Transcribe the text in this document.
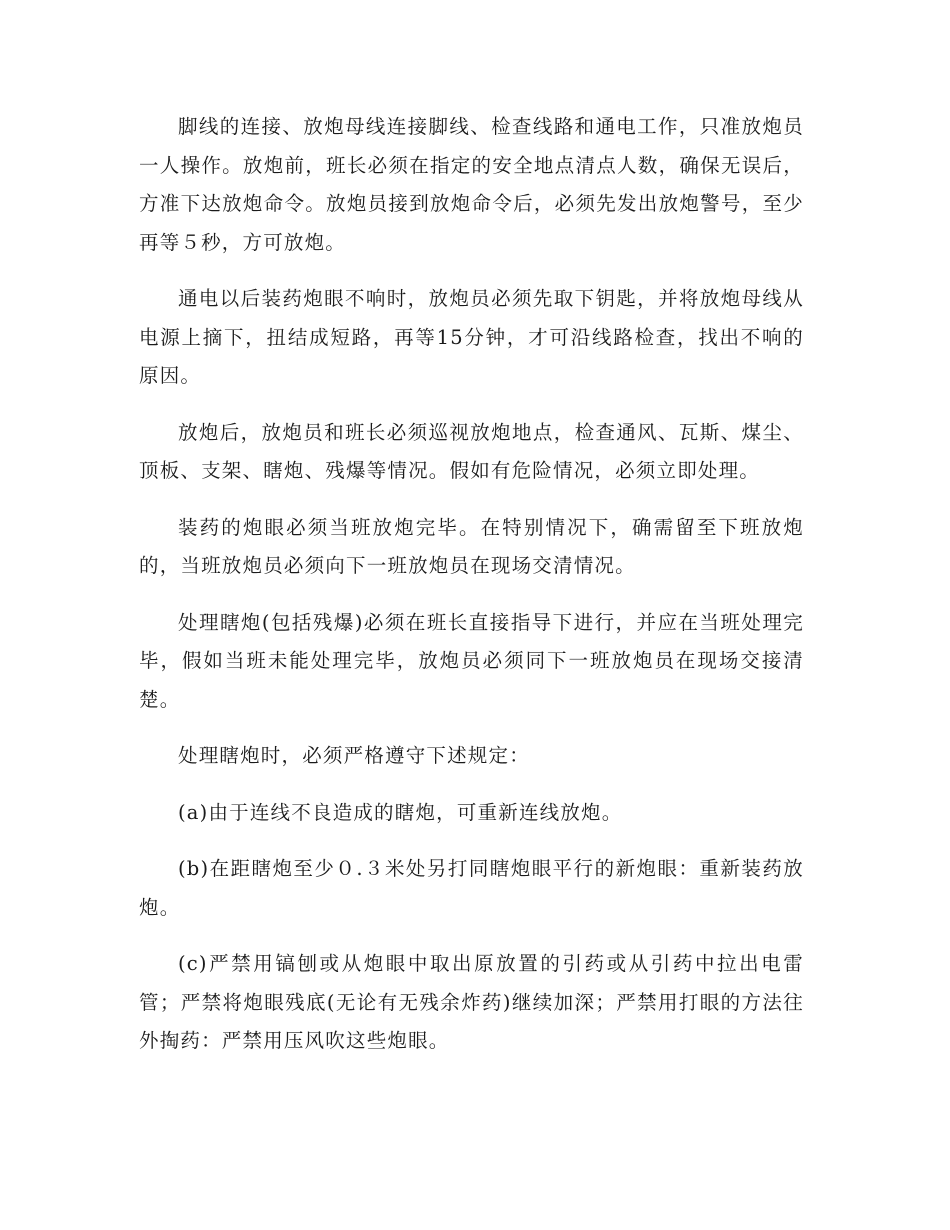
脚线的连接、放炮母线连接脚线、检查线路和通电工作，只准放炮员一人操作。放炮前，班长必须在指定的安全地点清点人数，确保无误后，方准下达放炮命令。放炮员接到放炮命令后，必须先发出放炮警号，至少再等５秒，方可放炮。

通电以后装药炮眼不响时，放炮员必须先取下钥匙，并将放炮母线从电源上摘下，扭结成短路，再等15分钟，才可沿线路检查，找出不响的原因。

放炮后，放炮员和班长必须巡视放炮地点，检查通风、瓦斯、煤尘、顶板、支架、瞎炮、残爆等情况。假如有危险情况，必须立即处理。

装药的炮眼必须当班放炮完毕。在特别情况下，确需留至下班放炮的，当班放炮员必须向下一班放炮员在现场交清情况。

处理瞎炮(包括残爆)必须在班长直接指导下进行，并应在当班处理完毕，假如当班未能处理完毕，放炮员必须同下一班放炮员在现场交接清楚。

处理瞎炮时，必须严格遵守下述规定：

(a)由于连线不良造成的瞎炮，可重新连线放炮。

(b)在距瞎炮至少０.３米处另打同瞎炮眼平行的新炮眼：重新装药放炮。

(c)严禁用镐刨或从炮眼中取出原放置的引药或从引药中拉出电雷管；严禁将炮眼残底(无论有无残余炸药)继续加深；严禁用打眼的方法往外掏药：严禁用压风吹这些炮眼。
